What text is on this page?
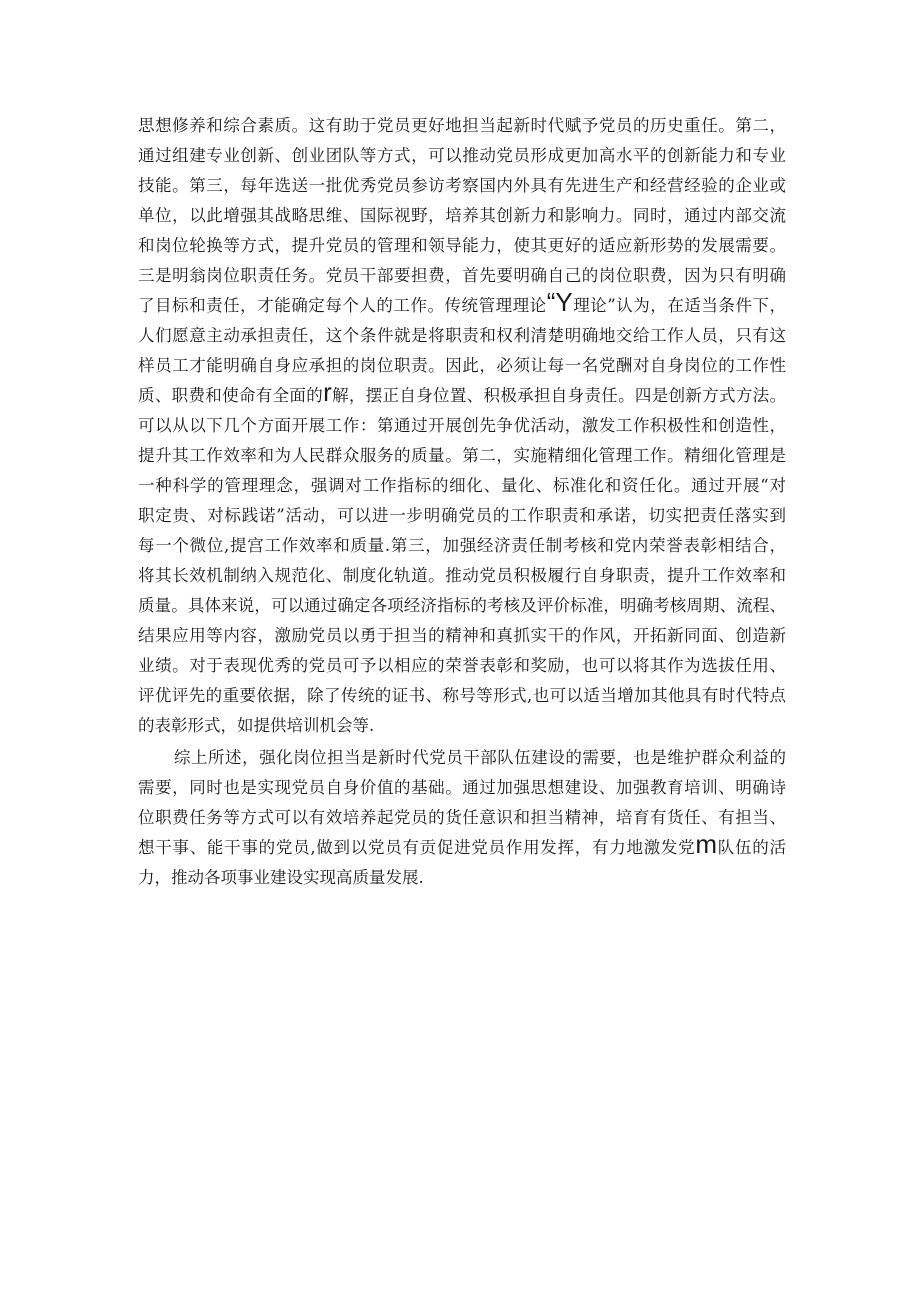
思想修养和综合素质。这有助于党员更好地担当起新时代赋予党员的历史重任。第二，
通过组建专业创新、创业团队等方式，可以推动党员形成更加高水平的创新能力和专业
技能。第三，每年选送一批优秀党员参访考察国内外具有先进生产和经营经验的企业或
单位，以此增强其战略思维、国际视野，培养其创新力和影响力。同时，通过内部交流
和岗位轮换等方式，提升党员的管理和领导能力，使其更好的适应新形势的发展需要。
三是明翁岗位职责任务。党员干部要担费，首先要明确自己的岗位职费，因为只有明确
了目标和责任，才能确定每个人的工作。传统管理理论“Y理论”认为，在适当条件下，
人们愿意主动承担责任，这个条件就是将职责和权利清楚明确地交给工作人员，只有这
样员工才能明确自身应承担的岗位职责。因此，必须让每一名党酬对自身岗位的工作性
质、职费和使命有全面的r解，摆正自身位置、积极承担自身责任。四是创新方式方法。
可以从以下几个方面开展工作：第通过开展创先争优活动，激发工作积极性和创造性，
提升其工作效率和为人民群众服务的质量。第二，实施精细化管理工作。精细化管理是
一种科学的管理理念，强调对工作指标的细化、量化、标准化和资任化。通过开展“对
职定贵、对标践诺”活动，可以进一步明确党员的工作职责和承诺，切实把责任落实到
每一个微位,提宫工作效率和质量.第三，加强经济责任制考核和党内荣誉表彰相结合，
将其长效机制纳入规范化、制度化轨道。推动党员积极履行自身职责，提升工作效率和
质量。具体来说，可以通过确定各项经济指标的考核及评价标准，明确考核周期、流程、
结果应用等内容，激励党员以勇于担当的精神和真抓实干的作风，开拓新同面、创造新
业绩。对于表现优秀的党员可予以相应的荣誉表彰和奖励，也可以将其作为选拔任用、
评优评先的重要依据，除了传统的证书、称号等形式,也可以适当增加其他具有时代特点
的表彰形式，如提供培训机会等.
综上所述，强化岗位担当是新时代党员干部队伍建设的需要，也是维护群众利益的
需要，同时也是实现党员自身价值的基础。通过加强思想建设、加强教育培训、明确诗
位职费任务等方式可以有效培养起党员的货任意识和担当精神，培育有货任、有担当、
想干事、能干事的党员,做到以党员有贡促进党员作用发挥，有力地激发党m队伍的活
力，推动各项事业建设实现高质量发展.
